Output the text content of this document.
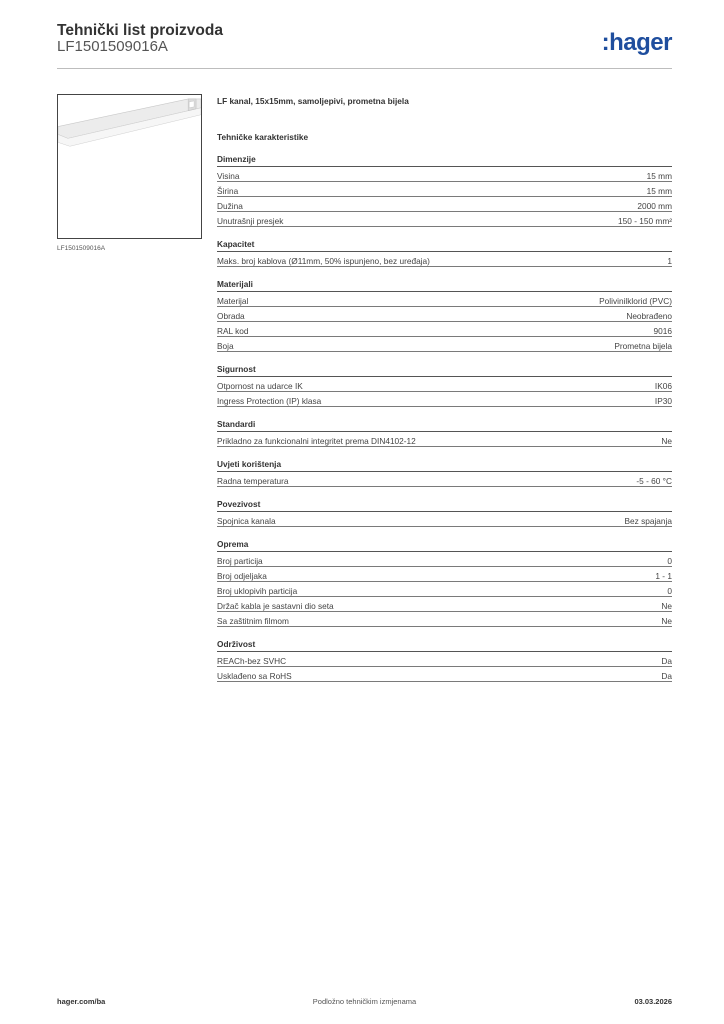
Tehnički list proizvoda
LF1501509016A	:hager
LF1501509016A
LF kanal, 15x15mm, samoljepivi, prometna bijela
Tehničke karakteristike
Dimenzije
Visina	15 mm
Širina	15 mm
Dužina	2000 mm
Unutrašnji presjek	150 - 150 mm²
Kapacitet
Maks. broj kablova (Ø11mm, 50% ispunjeno, bez uređaja)	1
Materijali
Materijal	Polivinilklorid (PVC)
Obrada	Neobrađeno
RAL kod	9016
Boja	Prometna bijela
Sigurnost
Otpornost na udarce IK	IK06
Ingress Protection (IP) klasa	IP30
Standardi
Prikladno za funkcionalni integritet prema DIN4102-12	Ne
Uvjeti korištenja
Radna temperatura	-5 - 60 °C
Povezivost
Spojnica kanala	Bez spajanja
Oprema
Broj particija	0
Broj odjeljaka	1 - 1
Broj uklopivih particija	0
Držač kabla je sastavni dio seta	Ne
Sa zaštitnim filmom	Ne
Održivost
REACh-bez SVHC	Da
Usklađeno sa RoHS	Da
hager.com/ba	Podložno tehničkim izmjenama	03.03.2026
